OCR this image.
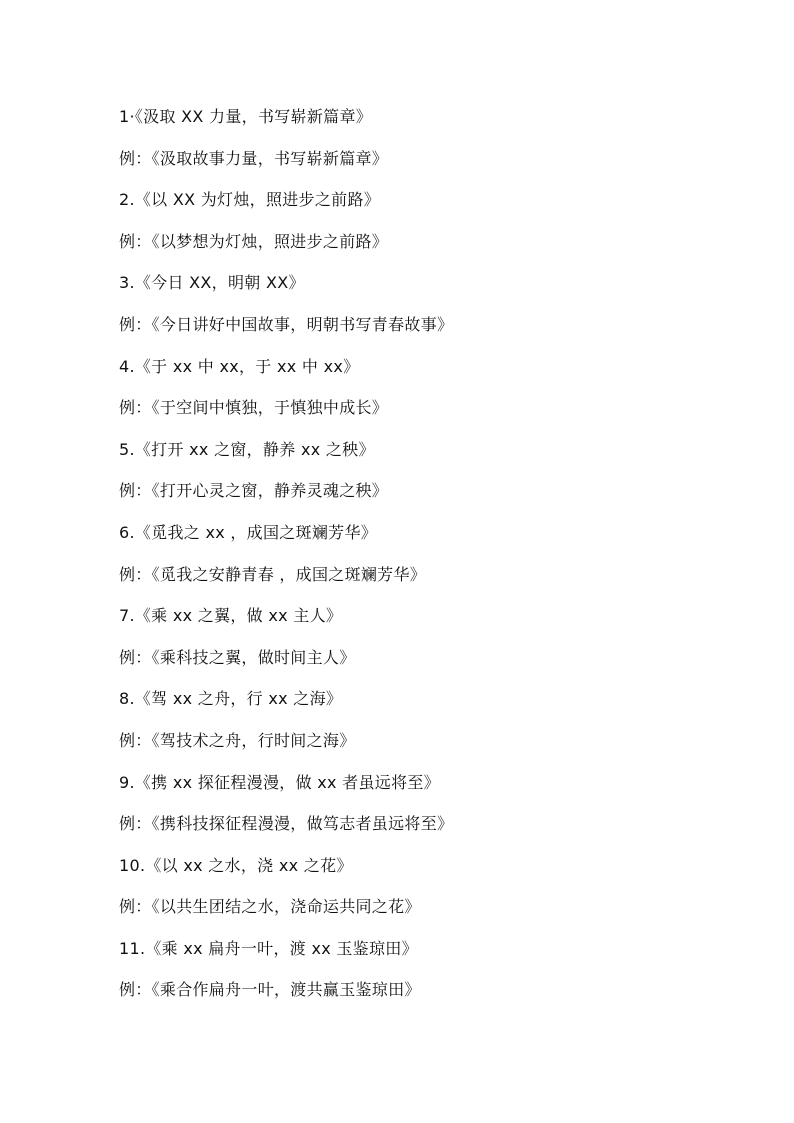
1·《汲取 XX 力量，书写崭新篇章》
例：《汲取故事力量，书写崭新篇章》
2.《以 XX 为灯烛，照进步之前路》
例：《以梦想为灯烛，照进步之前路》
3.《今日 XX，明朝 XX》
例：《今日讲好中国故事，明朝书写青春故事》
4.《于 xx 中 xx，于 xx 中 xx》
例：《于空间中慎独，于慎独中成长》
5.《打开 xx 之窗，静养 xx 之秧》
例：《打开心灵之窗，静养灵魂之秧》
6.《觅我之 xx ，成国之斑斓芳华》
例：《觅我之安静青春 ，成国之斑斓芳华》
7.《乘 xx 之翼，做 xx 主人》
例：《乘科技之翼，做时间主人》
8.《驾 xx 之舟，行 xx 之海》
例：《驾技术之舟，行时间之海》
9.《携 xx 探征程漫漫，做 xx 者虽远将至》
例：《携科技探征程漫漫，做笃志者虽远将至》
10.《以 xx 之水，浇 xx 之花》
例：《以共生团结之水，浇命运共同之花》
11.《乘 xx 扁舟一叶，渡 xx 玉鉴琼田》
例：《乘合作扁舟一叶，渡共赢玉鉴琼田》
